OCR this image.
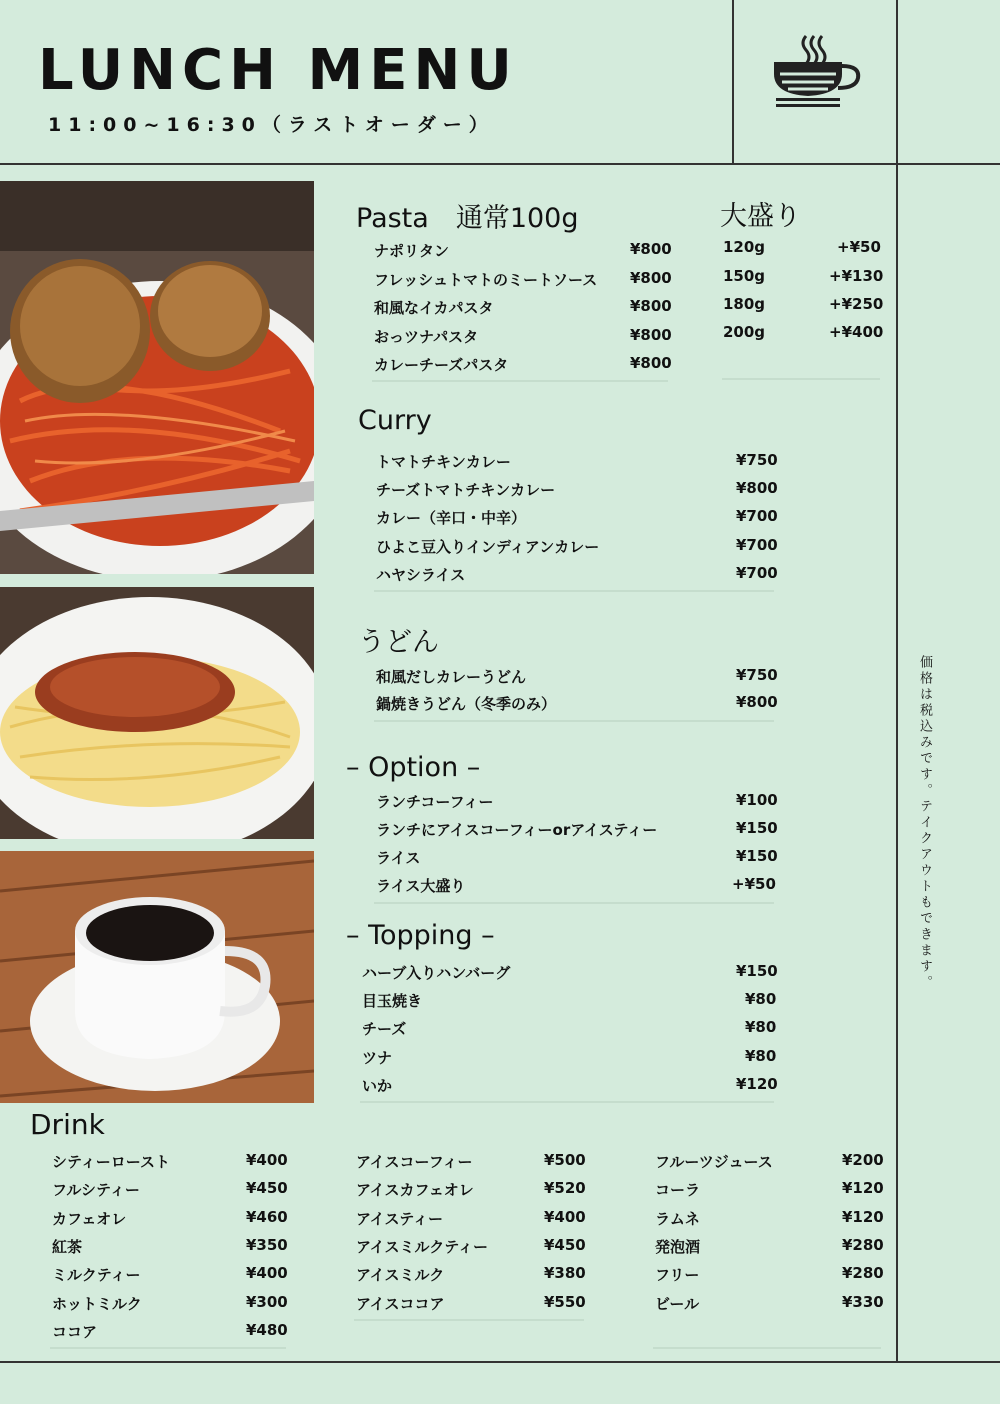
LUNCH MENU
11:00~16:30（ラストオーダー）
Pasta　通常100g	大盛り
ナポリタン	¥800
フレッシュトマトのミートソース ¥800
和風なイカパスタ	¥800
おっツナパスタ	¥800
カレーチーズパスタ	¥800
120g	+¥50
150g	+¥130
180g	+¥250
200g	+¥400
Curry
トマトチキンカレー	¥750
チーズトマトチキンカレー	¥800
カレー（辛口・中辛）	¥700
ひよこ豆入りインディアンカレー	¥700
ハヤシライス	¥700
うどん
和風だしカレーうどん	¥750
鍋焼きうどん（冬季のみ）	¥800
– Option –
ランチコーフィー	¥100
ランチにアイスコーフィーorアイスティー	¥150
ライス	¥150
ライス大盛り	+¥50
– Topping –
ハーブ入りハンバーグ	¥150
目玉焼き	¥80
チーズ	¥80
ツナ	¥80
いか	¥120
Drink
シティーロースト	¥400
フルシティー	¥450
カフェオレ	¥460
紅茶	¥350
ミルクティー	¥400
ホットミルク	¥300
ココア	¥480
アイスコーフィー	¥500
アイスカフェオレ	¥520
アイスティー	¥400
アイスミルクティー	¥450
アイスミルク	¥380
アイスココア	¥550
フルーツジュース	¥200
コーラ	¥120
ラムネ	¥120
発泡酒	¥280
フリー	¥280
ビール	¥330
価格は税込みです。テイクアウトもできます。
